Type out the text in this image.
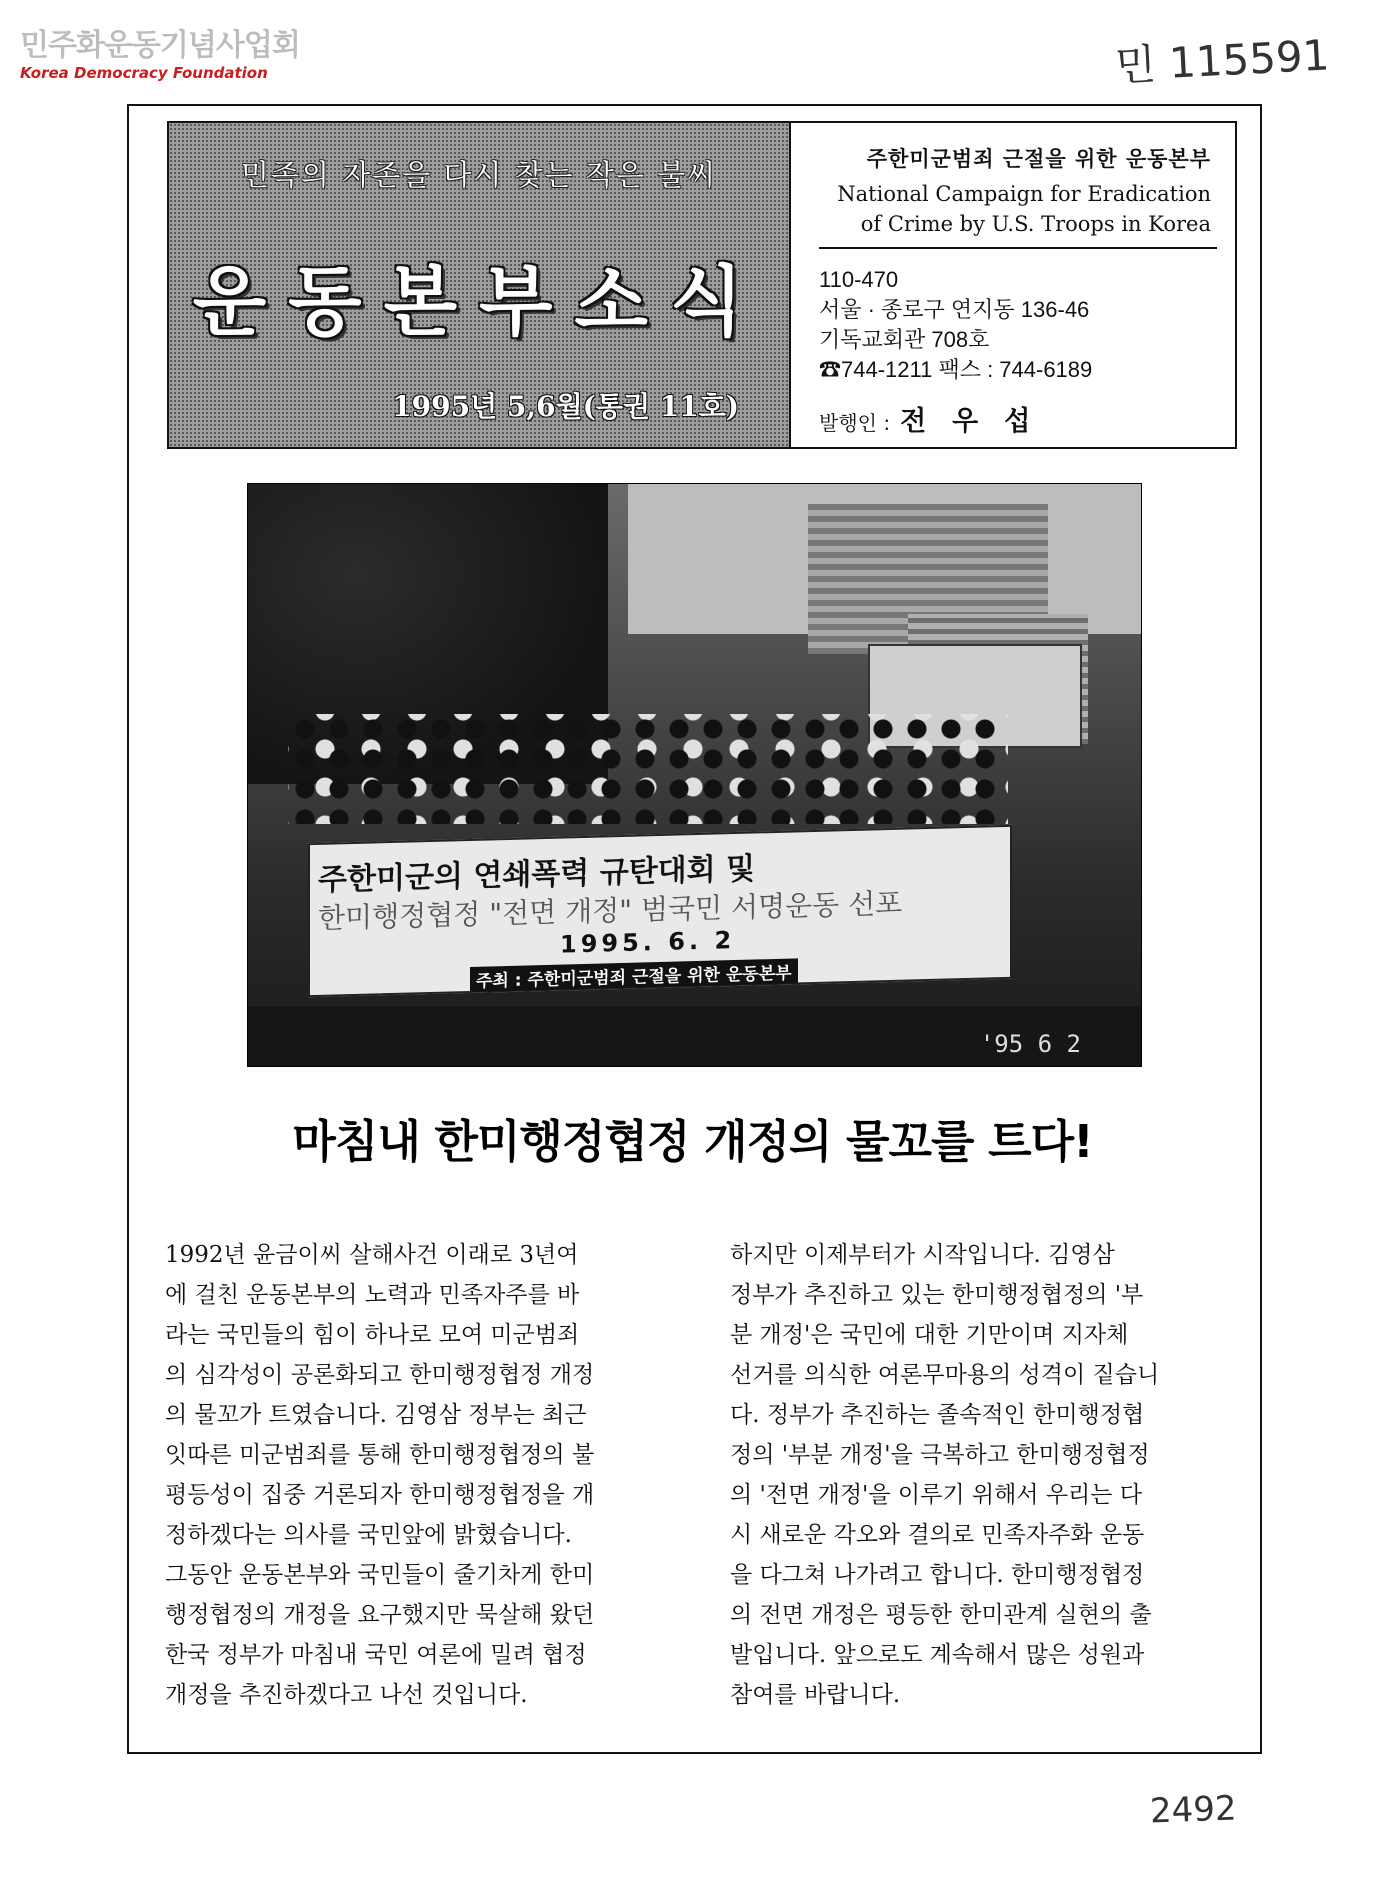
민주화운동기념사업회
Korea Democracy Foundation	민 115591
민족의 자존을 다시 찾는 작은 불씨
운동본부소식
1995년 5,6월(통권 11호)
주한미군범죄 근절을 위한 운동본부
National Campaign for Eradication
of Crime by U.S. Troops in Korea
110-470
서울 · 종로구 연지동 136-46
기독교회관 708호
☎744-1211 팩스 : 744-6189
발행인 : 전우섭
주한미군의 연쇄폭력 규탄대회 및
한미행정협정 "전면 개정" 범국민 서명운동 선포
1995. 6. 2
주최 : 주한미군범죄 근절을 위한 운동본부
'95 6 2
마침내 한미행정협정 개정의 물꼬를 트다!
1992년 윤금이씨 살해사건 이래로 3년여
에 걸친 운동본부의 노력과 민족자주를 바
라는 국민들의 힘이 하나로 모여 미군범죄
의 심각성이 공론화되고 한미행정협정 개정
의 물꼬가 트였습니다. 김영삼 정부는 최근
잇따른 미군범죄를 통해 한미행정협정의 불
평등성이 집중 거론되자 한미행정협정을 개
정하겠다는 의사를 국민앞에 밝혔습니다.
그동안 운동본부와 국민들이 줄기차게 한미
행정협정의 개정을 요구했지만 묵살해 왔던
한국 정부가 마침내 국민 여론에 밀려 협정
개정을 추진하겠다고 나선 것입니다.
하지만 이제부터가 시작입니다. 김영삼
정부가 추진하고 있는 한미행정협정의 '부
분 개정'은 국민에 대한 기만이며 지자체
선거를 의식한 여론무마용의 성격이 짙습니
다. 정부가 추진하는 졸속적인 한미행정협
정의 '부분 개정'을 극복하고 한미행정협정
의 '전면 개정'을 이루기 위해서 우리는 다
시 새로운 각오와 결의로 민족자주화 운동
을 다그쳐 나가려고 합니다. 한미행정협정
의 전면 개정은 평등한 한미관계 실현의 출
발입니다. 앞으로도 계속해서 많은 성원과
참여를 바랍니다.
2492
